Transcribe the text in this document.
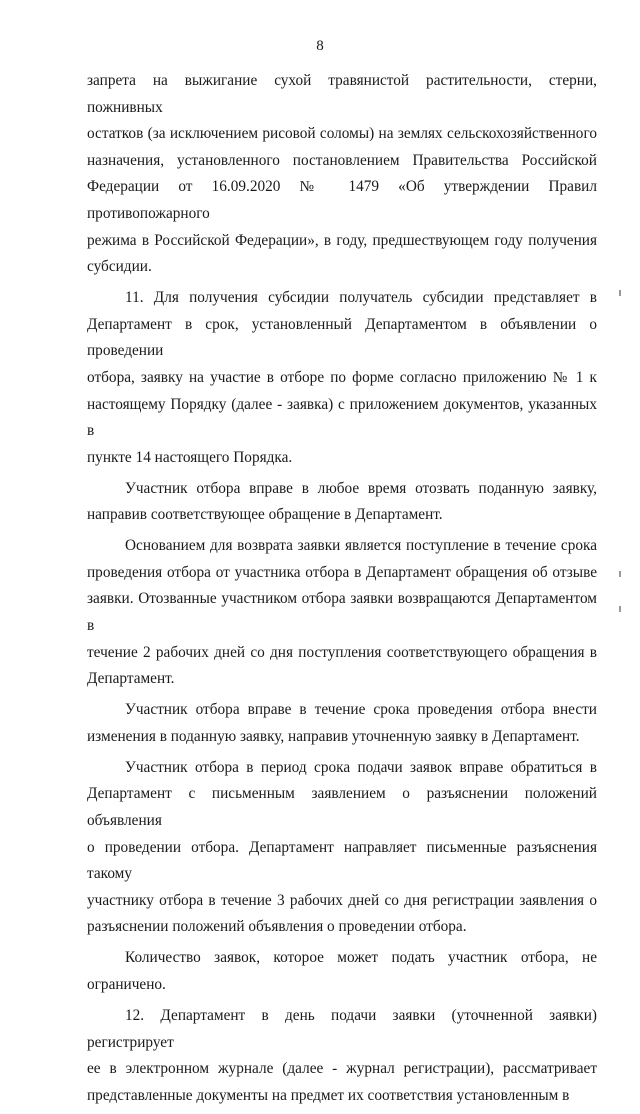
8

запрета на выжигание сухой травянистой растительности, стерни, пожнивных

остатков (за исключением рисовой соломы) на землях сельскохозяйственного

назначения, установленного постановлением Правительства Российской

Федерации от 16.09.2020 № 1479 «Об утверждении Правил противопожарного

режима в Российской Федерации», в году, предшествующем году получения

субсидии.

11. Для получения субсидии получатель субсидии представляет в

Департамент в срок, установленный Департаментом в объявлении о проведении

отбора, заявку на участие в отборе по форме согласно приложению № 1 к

настоящему Порядку (далее - заявка) с приложением документов, указанных в

пункте 14 настоящего Порядка.

Участник отбора вправе в любое время отозвать поданную заявку,

направив соответствующее обращение в Департамент.

Основанием для возврата заявки является поступление в течение срока

проведения отбора от участника отбора в Департамент обращения об отзыве

заявки. Отозванные участником отбора заявки возвращаются Департаментом в

течение 2 рабочих дней со дня поступления соответствующего обращения в

Департамент.

Участник отбора вправе в течение срока проведения отбора внести

изменения в поданную заявку, направив уточненную заявку в Департамент.

Участник отбора в период срока подачи заявок вправе обратиться в

Департамент с письменным заявлением о разъяснении положений объявления

о проведении отбора. Департамент направляет письменные разъяснения такому

участнику отбора в течение 3 рабочих дней со дня регистрации заявления о

разъяснении положений объявления о проведении отбора.

Количество заявок, которое может подать участник отбора, не

ограничено.

12. Департамент в день подачи заявки (уточненной заявки) регистрирует

ее в электронном журнале (далее - журнал регистрации), рассматривает

представленные документы на предмет их соответствия установленным в
